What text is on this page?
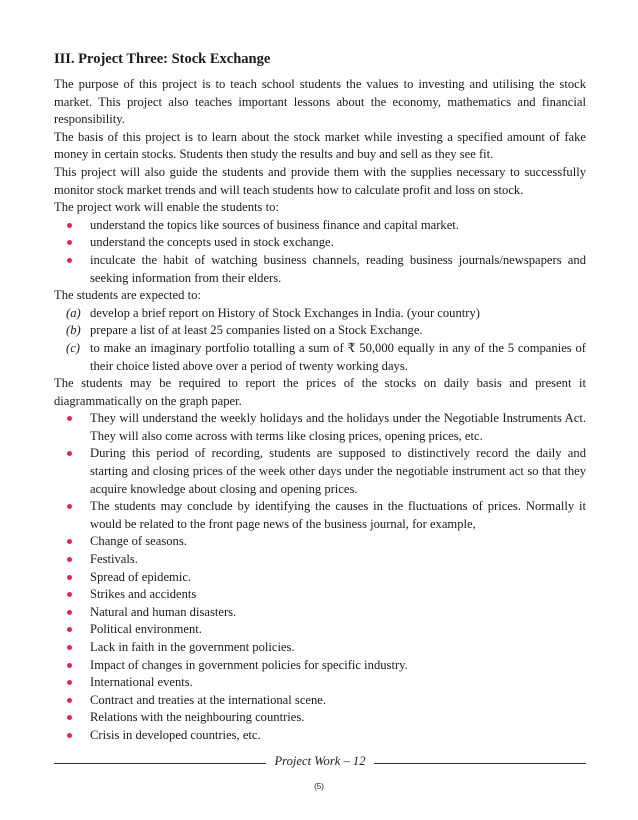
III. Project Three: Stock Exchange

The purpose of this project is to teach school students the values to investing and utilising the stock market. This project also teaches important lessons about the economy, mathematics and financial responsibility.

The basis of this project is to learn about the stock market while investing a specified amount of fake money in certain stocks. Students then study the results and buy and sell as they see fit.

This project will also guide the students and provide them with the supplies necessary to successfully monitor stock market trends and will teach students how to calculate profit and loss on stock.

The project work will enable the students to:

understand the topics like sources of business finance and capital market.
understand the concepts used in stock exchange.
inculcate the habit of watching business channels, reading business journals/newspapers and seeking information from their elders.

The students are expected to:

(a) develop a brief report on History of Stock Exchanges in India. (your country)
(b) prepare a list of at least 25 companies listed on a Stock Exchange.
(c) to make an imaginary portfolio totalling a sum of ₹ 50,000 equally in any of the 5 companies of their choice listed above over a period of twenty working days.

The students may be required to report the prices of the stocks on daily basis and present it diagrammatically on the graph paper.

They will understand the weekly holidays and the holidays under the Negotiable Instruments Act. They will also come across with terms like closing prices, opening prices, etc.
During this period of recording, students are supposed to distinctively record the daily and starting and closing prices of the week other days under the negotiable instrument act so that they acquire knowledge about closing and opening prices.
The students may conclude by identifying the causes in the fluctuations of prices. Normally it would be related to the front page news of the business journal, for example,
Change of seasons.
Festivals.
Spread of epidemic.
Strikes and accidents
Natural and human disasters.
Political environment.
Lack in faith in the government policies.
Impact of changes in government policies for specific industry.
International events.
Contract and treaties at the international scene.
Relations with the neighbouring countries.
Crisis in developed countries, etc.
Project Work – 12
(5)
